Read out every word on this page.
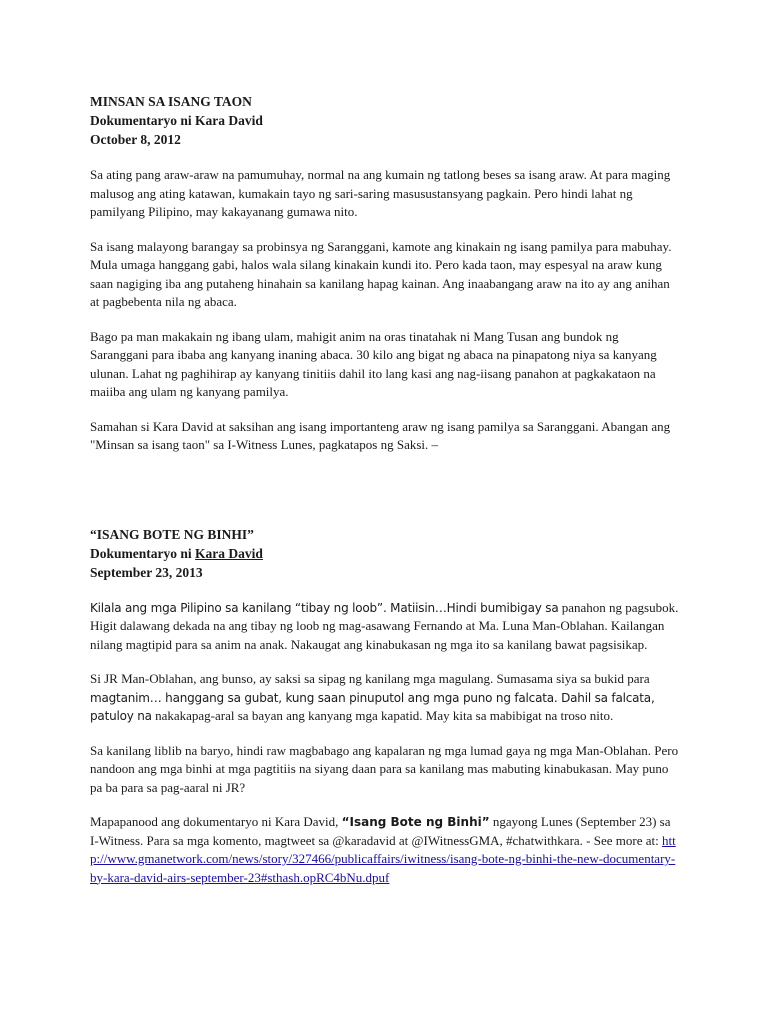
MINSAN SA ISANG TAON

Dokumentaryo ni Kara David

October 8, 2012

Sa ating pang araw-araw na pamumuhay, normal na ang kumain ng tatlong beses sa isang araw. At para maging malusog ang ating katawan, kumakain tayo ng sari-saring masusustansyang pagkain. Pero hindi lahat ng pamilyang Pilipino, may kakayanang gumawa nito.

Sa isang malayong barangay sa probinsya ng Saranggani, kamote ang kinakain ng isang pamilya para mabuhay. Mula umaga hanggang gabi, halos wala silang kinakain kundi ito. Pero kada taon, may espesyal na araw kung saan nagiging iba ang putaheng hinahain sa kanilang hapag kainan. Ang inaabangang araw na ito ay ang anihan at pagbebenta nila ng abaca.

Bago pa man makakain ng ibang ulam, mahigit anim na oras tinatahak ni Mang Tusan ang bundok ng Saranggani para ibaba ang kanyang inaning abaca. 30 kilo ang bigat ng abaca na pinapatong niya sa kanyang ulunan. Lahat ng paghihirap ay kanyang tinitiis dahil ito lang kasi ang nag-iisang panahon at pagkakataon na maiiba ang ulam ng kanyang pamilya.

Samahan si Kara David at saksihan ang isang importanteng araw ng isang pamilya sa Saranggani. Abangan ang "Minsan sa isang taon" sa I-Witness Lunes, pagkatapos ng Saksi. –

“ISANG BOTE NG BINHI”

Dokumentaryo ni Kara David

September 23, 2013

Kilala ang mga Pilipino sa kanilang “tibay ng loob”. Matiisin…Hindi bumibigay sa panahon ng pagsubok. Higit dalawang dekada na ang tibay ng loob ng mag-asawang Fernando at Ma. Luna Man-Oblahan. Kailangan nilang magtipid para sa anim na anak. Nakaugat ang kinabukasan ng mga ito sa kanilang bawat pagsisikap.

Si JR Man-Oblahan, ang bunso, ay saksi sa sipag ng kanilang mga magulang. Sumasama siya sa bukid para magtanim… hanggang sa gubat, kung saan pinuputol ang mga puno ng falcata. Dahil sa falcata, patuloy na nakakapag-aral sa bayan ang kanyang mga kapatid. May kita sa mabibigat na troso nito.

Sa kanilang liblib na baryo, hindi raw magbabago ang kapalaran ng mga lumad gaya ng mga Man-Oblahan. Pero nandoon ang mga binhi at mga pagtitiis na siyang daan para sa kanilang mas mabuting kinabukasan. May puno pa ba para sa pag-aaral ni JR?

Mapapanood ang dokumentaryo ni Kara David, “Isang Bote ng Binhi” ngayong Lunes (September 23) sa I-Witness. Para sa mga komento, magtweet sa @karadavid at @IWitnessGMA, #chatwithkara. - See more at: http://www.gmanetwork.com/news/story/327466/publicaffairs/iwitness/isang-bote-ng-binhi-the-new-documentary-by-kara-david-airs-september-23#sthash.opRC4bNu.dpuf
